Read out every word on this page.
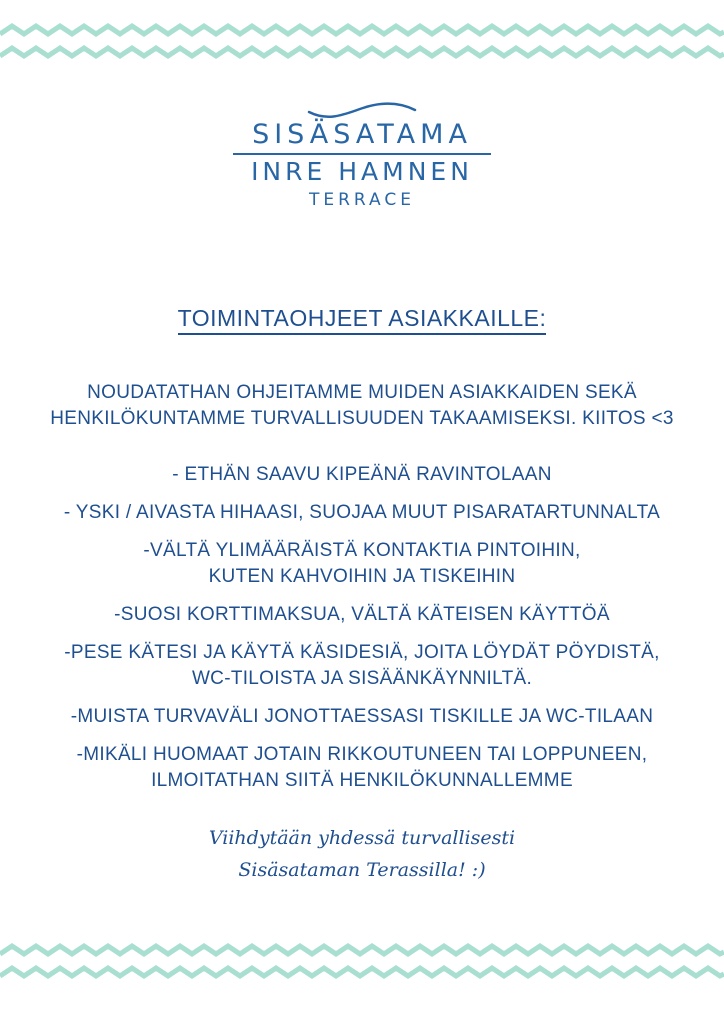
SISÄSATAMA
INRE HAMNEN
TERRACE
TOIMINTAOHJEET ASIAKKAILLE:
NOUDATATHAN OHJEITAMME MUIDEN ASIAKKAIDEN SEKÄ
HENKILÖKUNTAMME TURVALLISUUDEN TAKAAMISEKSI. KIITOS <3
- ETHÄN SAAVU KIPEÄNÄ RAVINTOLAAN
- YSKI / AIVASTA HIHAASI, SUOJAA MUUT PISARATARTUNNALTA
-VÄLTÄ YLIMÄÄRÄISTÄ KONTAKTIA PINTOIHIN,
KUTEN KAHVOIHIN JA TISKEIHIN
-SUOSI KORTTIMAKSUA, VÄLTÄ KÄTEISEN KÄYTTÖÄ
-PESE KÄTESI JA KÄYTÄ KÄSIDESIÄ, JOITA LÖYDÄT PÖYDISTÄ,
WC-TILOISTA JA SISÄÄNKÄYNNILTÄ.
-MUISTA TURVAVÄLI JONOTTAESSASI TISKILLE JA WC-TILAAN
-MIKÄLI HUOMAAT JOTAIN RIKKOUTUNEEN TAI LOPPUNEEN,
ILMOITATHAN SIITÄ HENKILÖKUNNALLEMME
Viihdytään yhdessä turvallisesti
Sisäsataman Terassilla! :)
